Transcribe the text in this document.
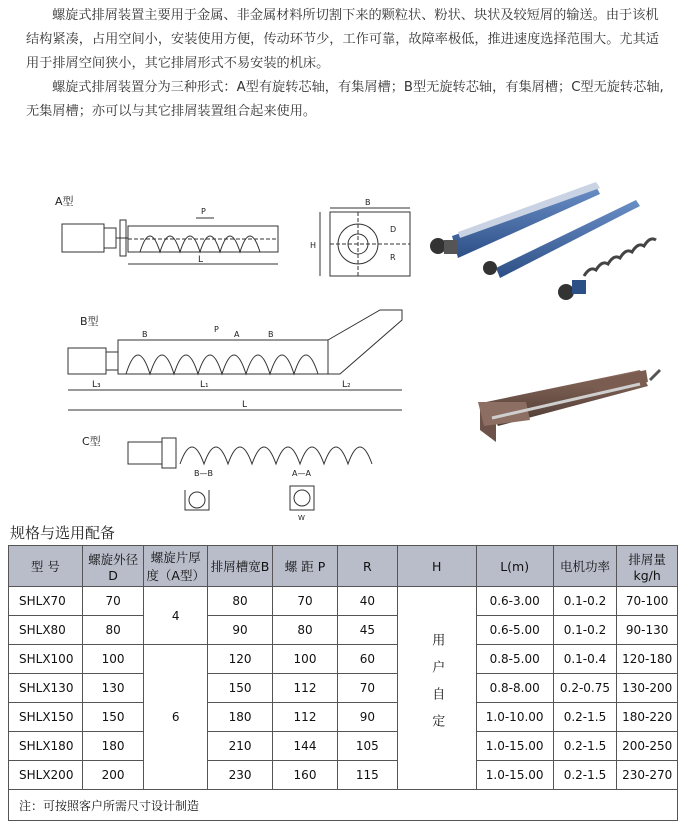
螺旋式排屑装置主要用于金属、非金属材料所切割下来的颗粒状、粉状、块状及较短屑的输送。由于该机结构紧凑，占用空间小，安装使用方便，传动环节少，工作可靠，故障率极低，推进速度选择范围大。尤其适用于排屑空间狭小，其它排屑形式不易安装的机床。

螺旋式排屑装置分为三种形式：A型有旋转芯轴，有集屑槽；B型无旋转芯轴，有集屑槽；C型无旋转芯轴,无集屑槽；亦可以与其它排屑装置组合起来使用。

A型
L
P
B
H
R
D
B型
L₃	L₁	L₂
L
P
A
B	B
C型
B—B	A—A
W
规格与选用配备
型 号	螺旋外径 D	螺旋片厚度（A型）	排屑槽宽B	螺 距 P	R	H	L(m)	电机功率	排屑量kg/h
SHLX70	70	4	80	70	40	用户自定	0.6-3.00	0.1-0.2	70-100
SHLX80	80		90	80	45		0.6-5.00	0.1-0.2	90-130
SHLX100	100	6	120	100	60		0.8-5.00	0.1-0.4	120-180
SHLX130	130		150	112	70		0.8-8.00	0.2-0.75	130-200
SHLX150	150		180	112	90		1.0-10.00	0.2-1.5	180-220
SHLX180	180		210	144	105		1.0-15.00	0.2-1.5	200-250
SHLX200	200		230	160	115		1.0-15.00	0.2-1.5	230-270
注：可按照客户所需尺寸设计制造									
